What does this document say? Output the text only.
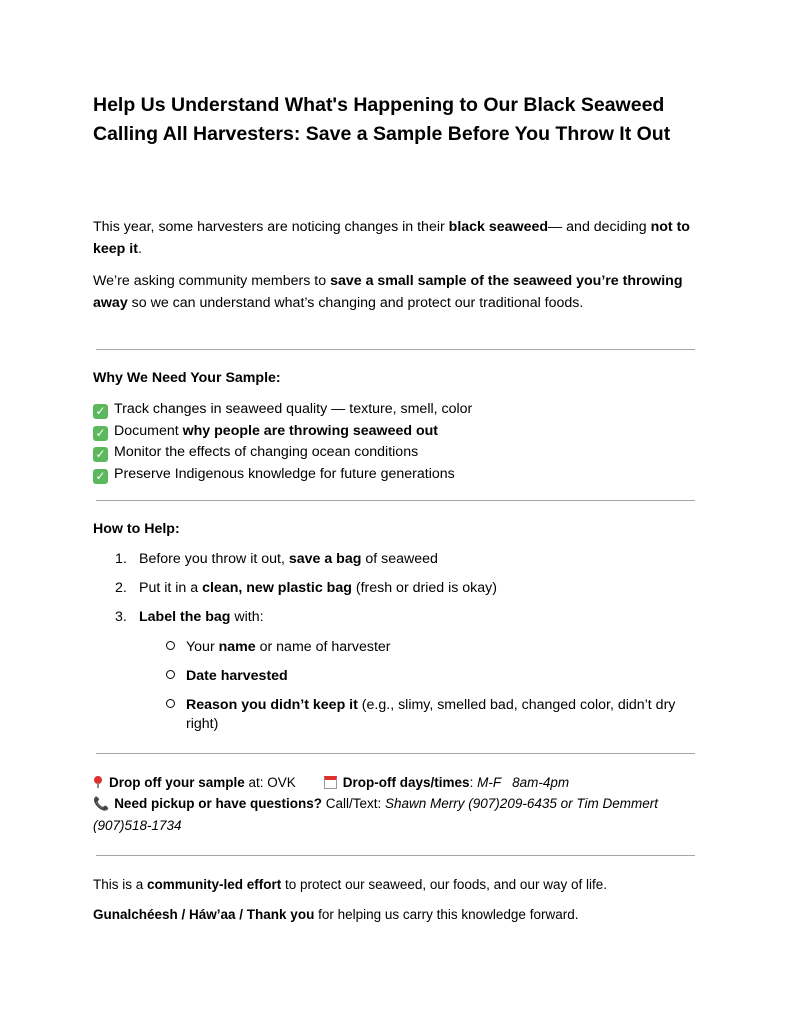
Help Us Understand What's Happening to Our Black Seaweed
Calling All Harvesters: Save a Sample Before You Throw It Out

This year, some harvesters are noticing changes in their black seaweed— and deciding not to keep it.

We’re asking community members to save a small sample of the seaweed you’re throwing away so we can understand what’s changing and protect our traditional foods.

Why We Need Your Sample:
✓ Track changes in seaweed quality — texture, smell, color
✓ Document why people are throwing seaweed out
✓ Monitor the effects of changing ocean conditions
✓ Preserve Indigenous knowledge for future generations
How to Help:
1. Before you throw it out, save a bag of seaweed
2. Put it in a clean, new plastic bag (fresh or dried is okay)
3. Label the bag with:
Your name or name of harvester
Date harvested
Reason you didn’t keep it (e.g., slimy, smelled bad, changed color, didn’t dry right)
Drop off your sample at: OVK	Drop-off days/times: M-F   8am-4pm
📞 Need pickup or have questions? Call/Text: Shawn Merry (907)209-6435 or Tim Demmert (907)518-1734
This is a community-led effort to protect our seaweed, our foods, and our way of life.
Gunalchéesh / Háw’aa / Thank you for helping us carry this knowledge forward.
